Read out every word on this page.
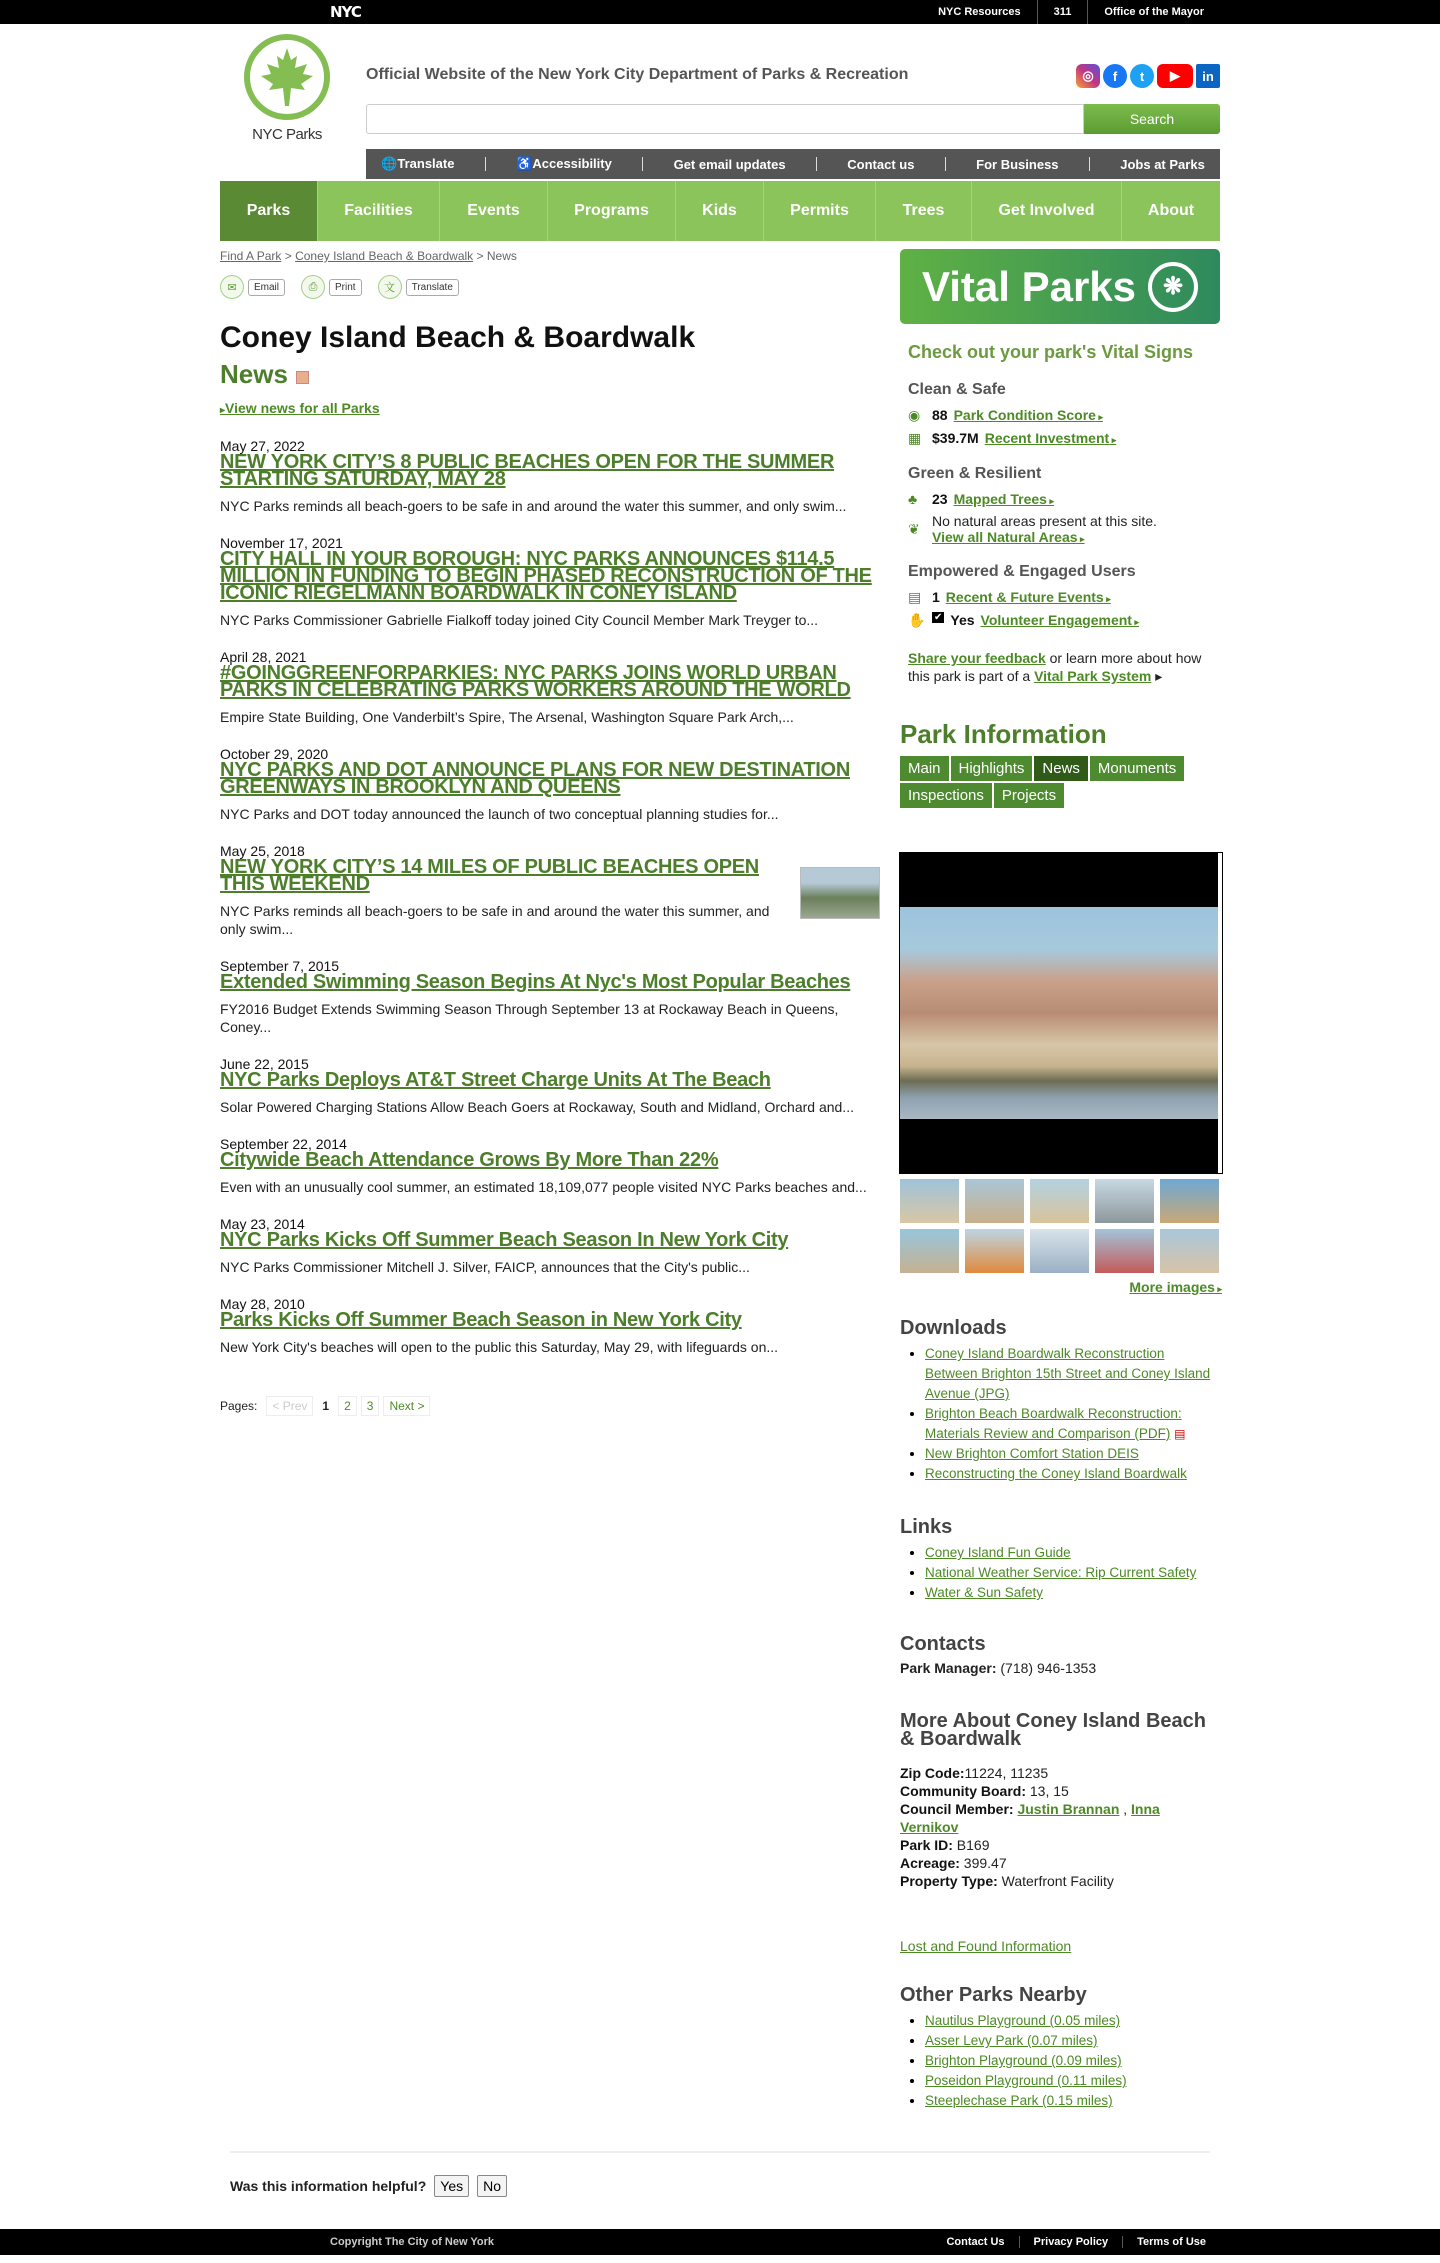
NYC	NYC Resources	311	Office of the Mayor
NYC Parks
Official Website of the New York City Department of Parks & Recreation	◎	f	t	▶	in
Search
🌐Translate	♿Accessibility	Get email updates	Contact us	For Business	Jobs at Parks
Parks	Facilities	Events	Programs	Kids	Permits	Trees	Get Involved	About
Find A Park > Coney Island Beach & Boardwalk > News
✉	Email	⎙	Print	文	Translate
Coney Island Beach & Boardwalk
News
▸ View news for all Parks
May 27, 2022
NEW YORK CITY’S 8 PUBLIC BEACHES OPEN FOR THE SUMMER STARTING SATURDAY, MAY 28
NYC Parks reminds all beach-goers to be safe in and around the water this summer, and only swim...
November 17, 2021
CITY HALL IN YOUR BOROUGH: NYC PARKS ANNOUNCES $114.5 MILLION IN FUNDING TO BEGIN PHASED RECONSTRUCTION OF THE ICONIC RIEGELMANN BOARDWALK IN CONEY ISLAND
NYC Parks Commissioner Gabrielle Fialkoff today joined City Council Member Mark Treyger to...
April 28, 2021
#GOINGGREENFORPARKIES: NYC PARKS JOINS WORLD URBAN PARKS IN CELEBRATING PARKS WORKERS AROUND THE WORLD
Empire State Building, One Vanderbilt’s Spire, The Arsenal, Washington Square Park Arch,...
October 29, 2020
NYC PARKS AND DOT ANNOUNCE PLANS FOR NEW DESTINATION GREENWAYS IN BROOKLYN AND QUEENS
NYC Parks and DOT today announced the launch of two conceptual planning studies for...
May 25, 2018
NEW YORK CITY’S 14 MILES OF PUBLIC BEACHES OPEN THIS WEEKEND
NYC Parks reminds all beach-goers to be safe in and around the water this summer, and only swim...
September 7, 2015
Extended Swimming Season Begins At Nyc's Most Popular Beaches
FY2016 Budget Extends Swimming Season Through September 13 at Rockaway Beach in Queens, Coney...
June 22, 2015
NYC Parks Deploys AT&T Street Charge Units At The Beach
Solar Powered Charging Stations Allow Beach Goers at Rockaway, South and Midland, Orchard and...
September 22, 2014
Citywide Beach Attendance Grows By More Than 22%
Even with an unusually cool summer, an estimated 18,109,077 people visited NYC Parks beaches and...
May 23, 2014
NYC Parks Kicks Off Summer Beach Season In New York City
NYC Parks Commissioner Mitchell J. Silver, FAICP, announces that the City's public...
May 28, 2010
Parks Kicks Off Summer Beach Season in New York City
New York City's beaches will open to the public this Saturday, May 29, with lifeguards on...
Pages:	< Prev	1	2	3	Next >
Vital Parks	❋
Check out your park's Vital Signs
Clean & Safe
◉ 88 Park Condition Score ▸
▦ $39.7M Recent Investment ▸
Green & Resilient
♣	23 Mapped Trees ▸
❦ No natural areas present at this site.
View all Natural Areas ▸
Empowered & Engaged Users
▤ 1 Recent & Future Events ▸
✋ ✔ Yes Volunteer Engagement ▸
Share your feedback or learn more about how this park is part of a Vital Park System ▸
Park Information
Main	Highlights	News	Monuments
Inspections	Projects
More images ▸
Downloads
• Coney Island Boardwalk Reconstruction Between Brighton 15th Street and Coney Island Avenue (JPG)
• Brighton Beach Boardwalk Reconstruction: Materials Review and Comparison (PDF) ▤
• New Brighton Comfort Station DEIS
• Reconstructing the Coney Island Boardwalk
Links
• Coney Island Fun Guide
• National Weather Service: Rip Current Safety
• Water & Sun Safety
Contacts
Park Manager: (718) 946-1353
More About Coney Island Beach & Boardwalk
Zip Code:11224, 11235
Community Board: 13, 15
Council Member: Justin Brannan , Inna Vernikov
Park ID: B169
Acreage: 399.47
Property Type: Waterfront Facility
Lost and Found Information
Other Parks Nearby
• Nautilus Playground (0.05 miles)
• Asser Levy Park (0.07 miles)
• Brighton Playground (0.09 miles)
• Poseidon Playground (0.11 miles)
• Steeplechase Park (0.15 miles)
Was this information helpful?	Yes	No
Copyright The City of New York	Contact Us	Privacy Policy	Terms of Use
